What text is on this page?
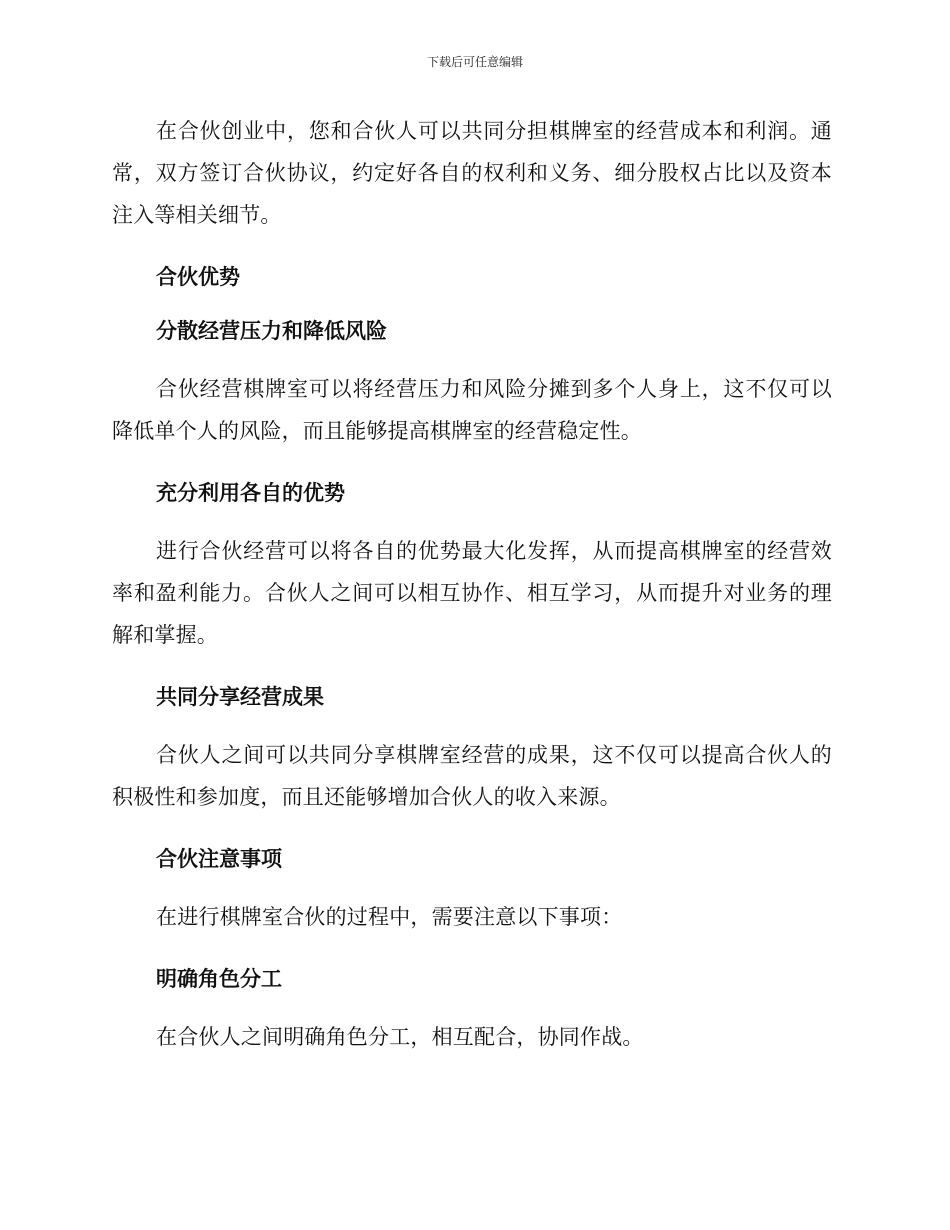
下载后可任意编辑

在合伙创业中，您和合伙人可以共同分担棋牌室的经营成本和利润。通常，双方签订合伙协议，约定好各自的权利和义务、细分股权占比以及资本注入等相关细节。

合伙优势
分散经营压力和降低风险

合伙经营棋牌室可以将经营压力和风险分摊到多个人身上，这不仅可以降低单个人的风险，而且能够提高棋牌室的经营稳定性。

充分利用各自的优势

进行合伙经营可以将各自的优势最大化发挥，从而提高棋牌室的经营效率和盈利能力。合伙人之间可以相互协作、相互学习，从而提升对业务的理解和掌握。

共同分享经营成果

合伙人之间可以共同分享棋牌室经营的成果，这不仅可以提高合伙人的积极性和参加度，而且还能够增加合伙人的收入来源。

合伙注意事项

在进行棋牌室合伙的过程中，需要注意以下事项：

明确角色分工

在合伙人之间明确角色分工，相互配合，协同作战。
